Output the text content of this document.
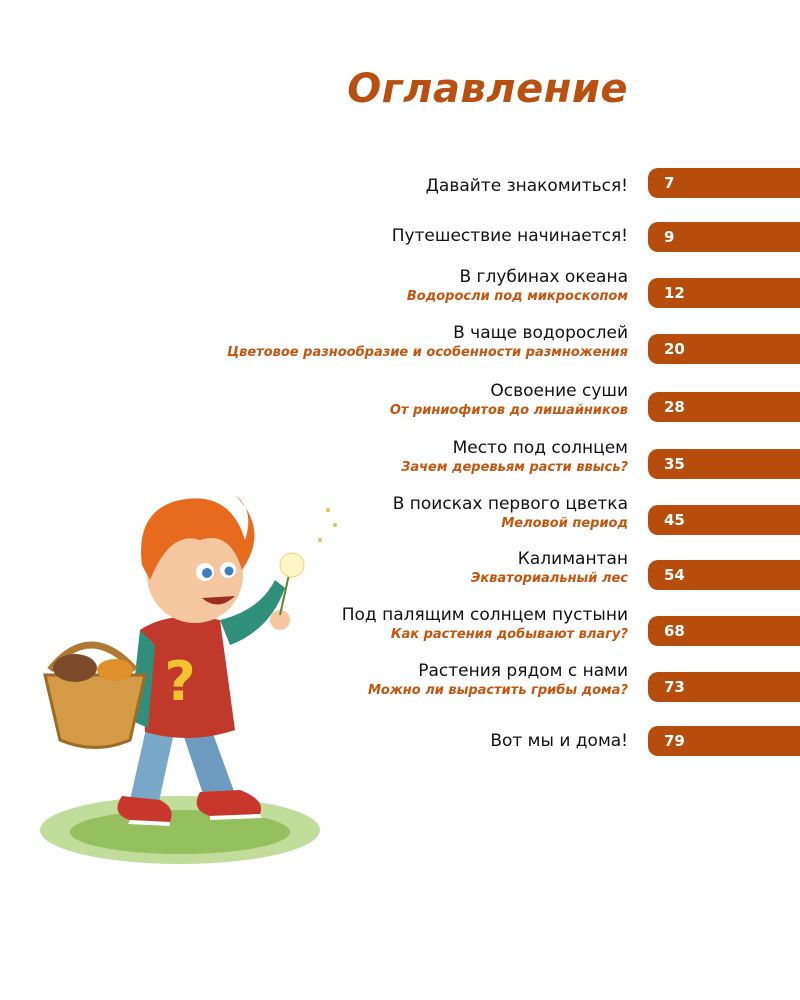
Оглавление
Давайте знакомиться!	7
Путешествие начинается!	9
В глубинах океана
Водоросли под микроскопом	12
В чаще водорослей
Цветовое разнообразие и особенности размножения	20
Освоение суши
От риниофитов до лишайников	28
Место под солнцем
Зачем деревьям расти ввысь?	35
В поисках первого цветка
Меловой период	45
Калимантан
Экваториальный лес	54
Под палящим солнцем пустыни
Как растения добывают влагу?	68
Растения рядом с нами
Можно ли вырастить грибы дома?	73
Вот мы и дома!	79
?
